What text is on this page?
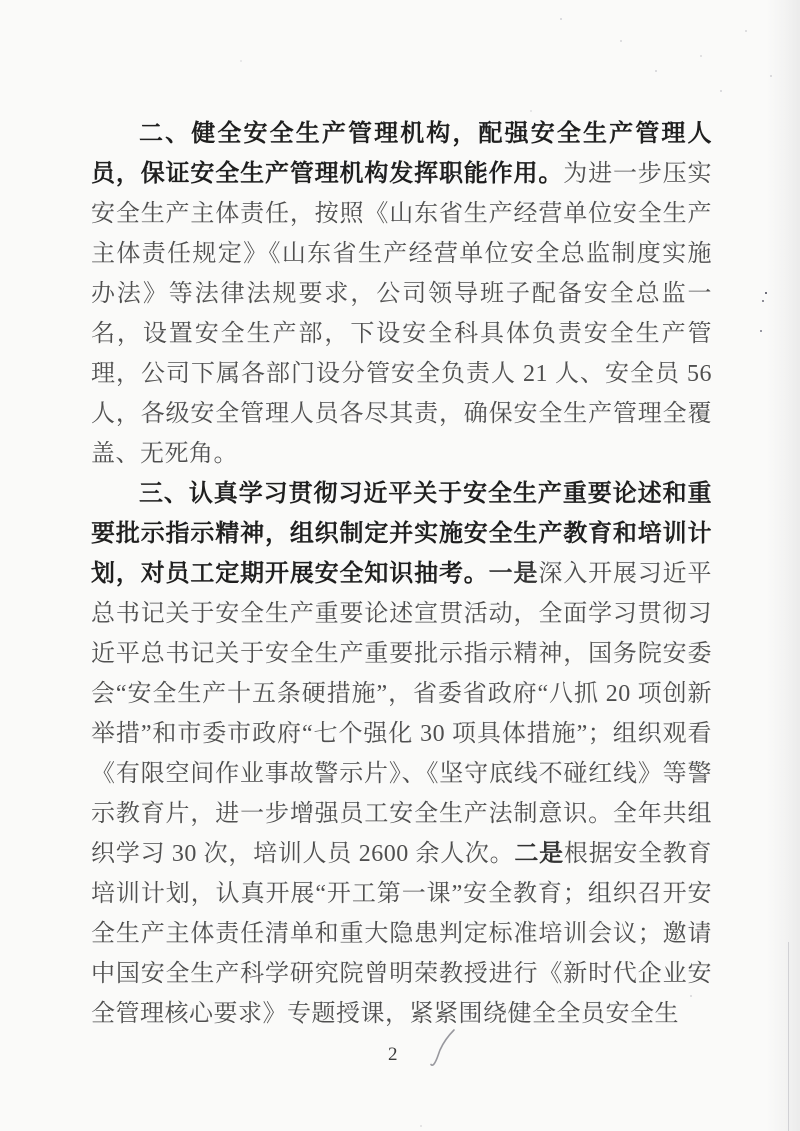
二、健全安全生产管理机构，配强安全生产管理人员，保证安全生产管理机构发挥职能作用。为进一步压实安全生产主体责任，按照《山东省生产经营单位安全生产主体责任规定》《山东省生产经营单位安全总监制度实施办法》等法律法规要求，公司领导班子配备安全总监一名，设置安全生产部，下设安全科具体负责安全生产管理，公司下属各部门设分管安全负责人 21 人、安全员 56 人，各级安全管理人员各尽其责，确保安全生产管理全覆盖、无死角。

三、认真学习贯彻习近平关于安全生产重要论述和重要批示指示精神，组织制定并实施安全生产教育和培训计划，对员工定期开展安全知识抽考。一是深入开展习近平总书记关于安全生产重要论述宣贯活动，全面学习贯彻习近平总书记关于安全生产重要批示指示精神，国务院安委会“安全生产十五条硬措施”，省委省政府“八抓 20 项创新举措”和市委市政府“七个强化 30 项具体措施”；组织观看《有限空间作业事故警示片》、《坚守底线不碰红线》等警示教育片，进一步增强员工安全生产法制意识。全年共组织学习 30 次，培训人员 2600 余人次。二是根据安全教育培训计划，认真开展“开工第一课”安全教育；组织召开安全生产主体责任清单和重大隐患判定标准培训会议；邀请中国安全生产科学研究院曾明荣教授进行《新时代企业安全管理核心要求》专题授课，紧紧围绕健全全员安全生

2
